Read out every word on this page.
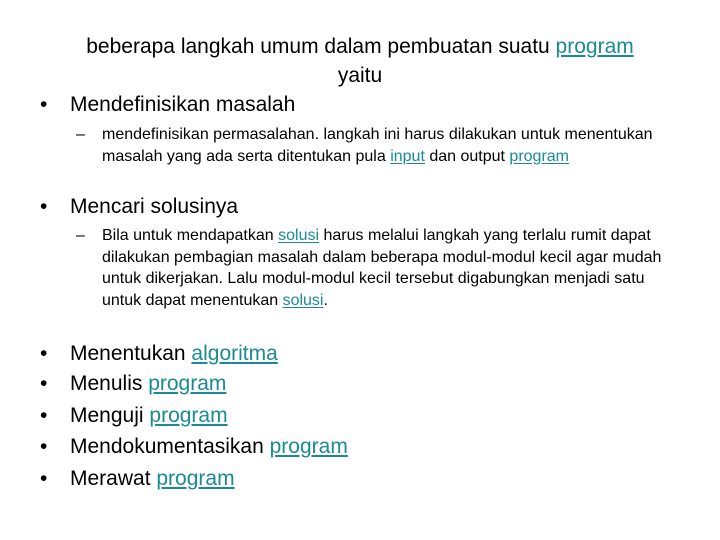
beberapa langkah umum dalam pembuatan suatu program
yaitu
• Mendefinisikan masalah
– mendefinisikan permasalahan. langkah ini harus dilakukan untuk menentukan masalah yang ada serta ditentukan pula input dan output program
• Mencari solusinya
– Bila untuk mendapatkan solusi harus melalui langkah yang terlalu rumit dapat dilakukan pembagian masalah dalam beberapa modul-modul kecil agar mudah untuk dikerjakan. Lalu modul-modul kecil tersebut digabungkan menjadi satu untuk dapat menentukan solusi.
• Menentukan algoritma
• Menulis program
• Menguji program
• Mendokumentasikan program
• Merawat program
